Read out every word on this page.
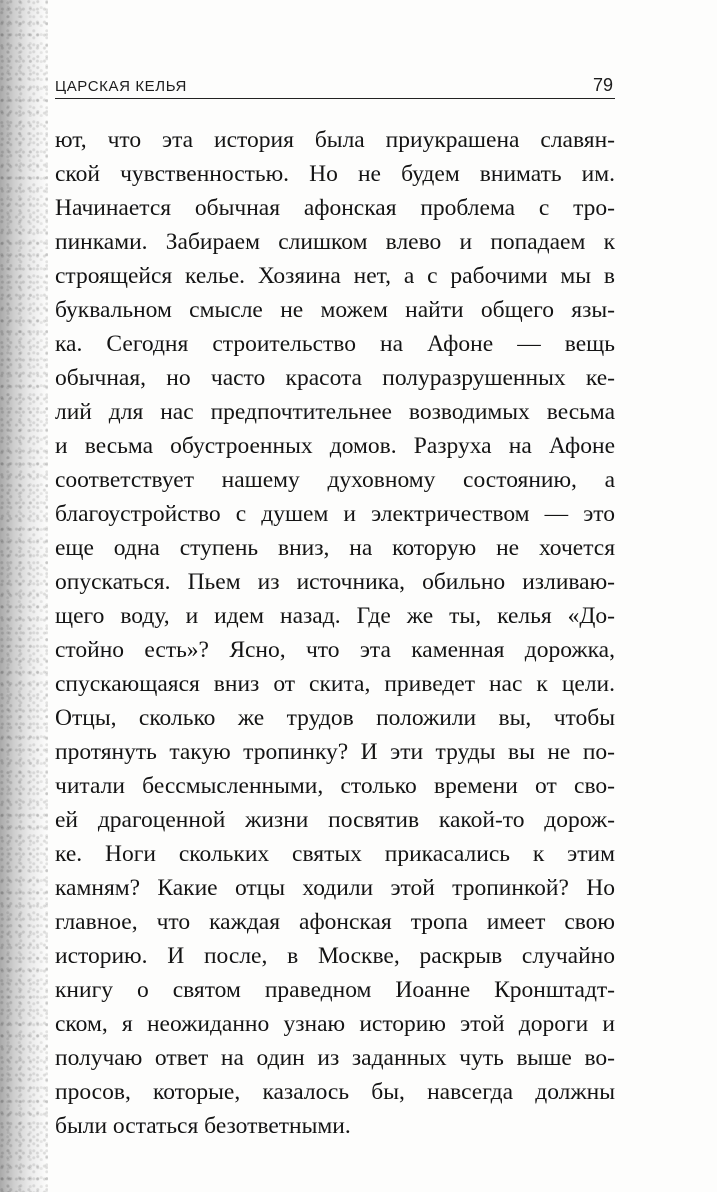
ЦАРСКАЯ КЕЛЬЯ	79
ют, что эта история была приукрашена славян-
ской чувственностью. Но не будем внимать им.
Начинается обычная афонская проблема с тро-
пинками. Забираем слишком влево и попадаем к
строящейся келье. Хозяина нет, а с рабочими мы в
буквальном смысле не можем найти общего язы-
ка. Сегодня строительство на Афоне — вещь
обычная, но часто красота полуразрушенных ке-
лий для нас предпочтительнее возводимых весьма
и весьма обустроенных домов. Разруха на Афоне
соответствует нашему духовному состоянию, а
благоустройство с душем и электричеством — это
еще одна ступень вниз, на которую не хочется
опускаться. Пьем из источника, обильно изливаю-
щего воду, и идем назад. Где же ты, келья «До-
стойно есть»? Ясно, что эта каменная дорожка,
спускающаяся вниз от скита, приведет нас к цели.
Отцы, сколько же трудов положили вы, чтобы
протянуть такую тропинку? И эти труды вы не по-
читали бессмысленными, столько времени от сво-
ей драгоценной жизни посвятив какой-то дорож-
ке. Ноги скольких святых прикасались к этим
камням? Какие отцы ходили этой тропинкой? Но
главное, что каждая афонская тропа имеет свою
историю. И после, в Москве, раскрыв случайно
книгу о святом праведном Иоанне Кронштадт-
ском, я неожиданно узнаю историю этой дороги и
получаю ответ на один из заданных чуть выше во-
просов, которые, казалось бы, навсегда должны
были остаться безответными.
